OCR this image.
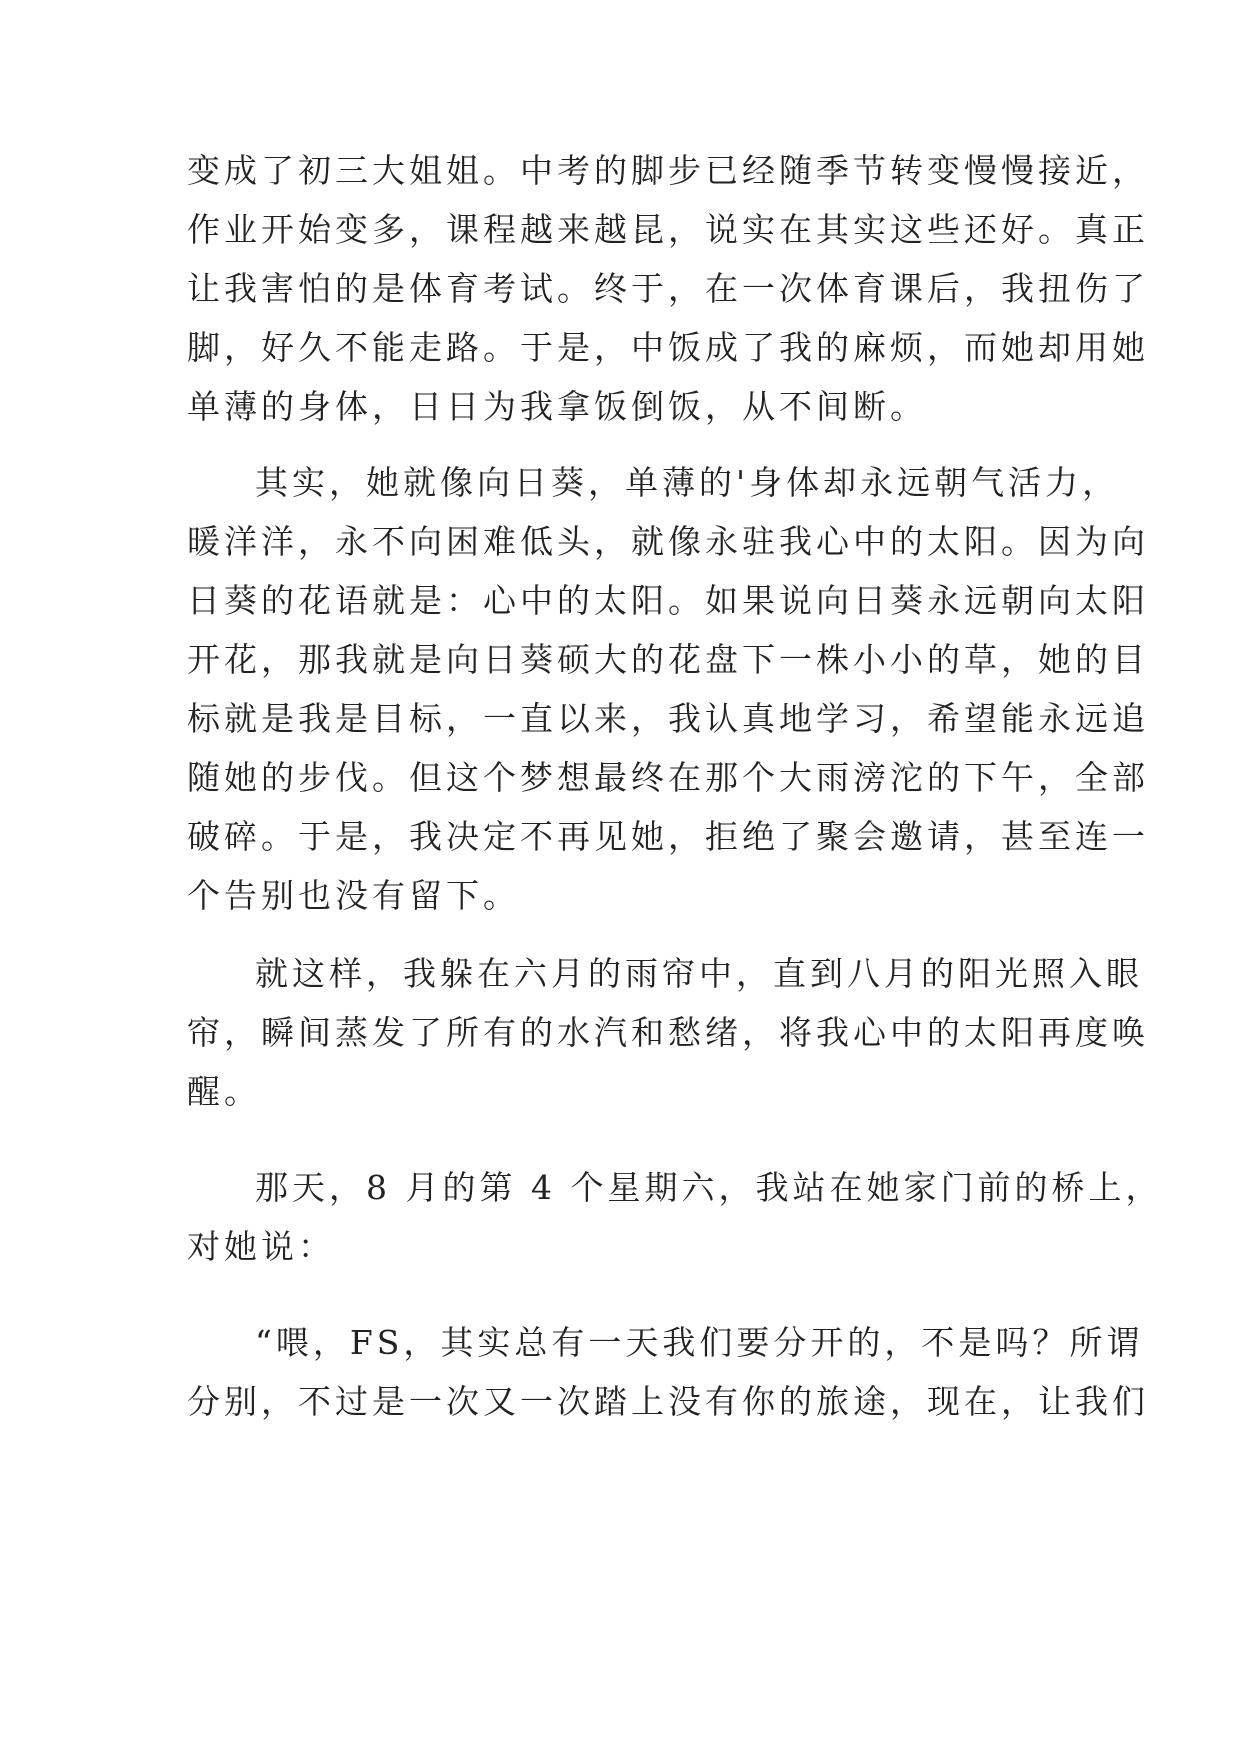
变成了初三大姐姐。中考的脚步已经随季节转变慢慢接近，
作业开始变多，课程越来越昆，说实在其实这些还好。真正
让我害怕的是体育考试。终于，在一次体育课后，我扭伤了
脚，好久不能走路。于是，中饭成了我的麻烦，而她却用她
单薄的身体，日日为我拿饭倒饭，从不间断。
其实，她就像向日葵，单薄的'身体却永远朝气活力，
暖洋洋，永不向困难低头，就像永驻我心中的太阳。因为向
日葵的花语就是：心中的太阳。如果说向日葵永远朝向太阳
开花，那我就是向日葵硕大的花盘下一株小小的草，她的目
标就是我是目标，一直以来，我认真地学习，希望能永远追
随她的步伐。但这个梦想最终在那个大雨滂沱的下午，全部
破碎。于是，我决定不再见她，拒绝了聚会邀请，甚至连一
个告别也没有留下。
就这样，我躲在六月的雨帘中，直到八月的阳光照入眼
帘，瞬间蒸发了所有的水汽和愁绪，将我心中的太阳再度唤
醒。
那天，8 月的第 4 个星期六，我站在她家门前的桥上，
对她说：
“喂，FS，其实总有一天我们要分开的，不是吗？所谓
分别，不过是一次又一次踏上没有你的旅途，现在，让我们
